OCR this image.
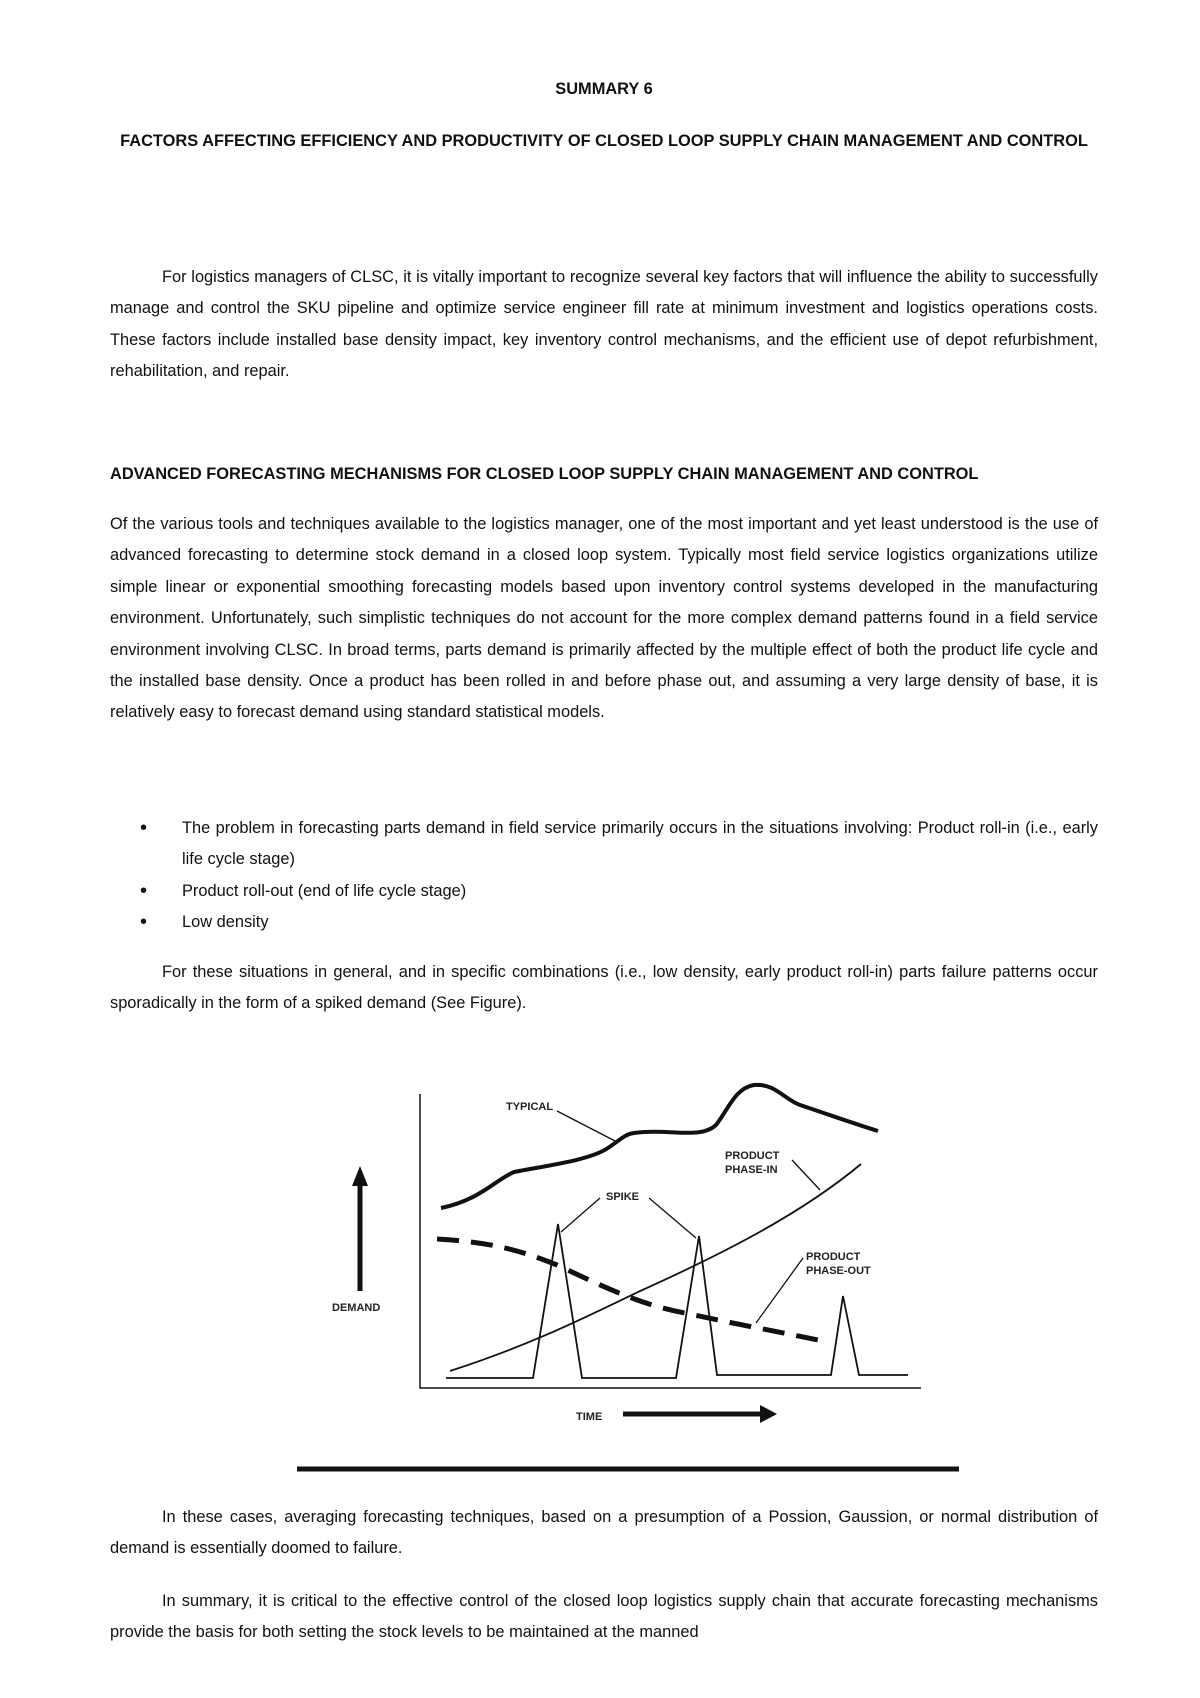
SUMMARY 6
FACTORS AFFECTING EFFICIENCY AND PRODUCTIVITY OF CLOSED LOOP SUPPLY CHAIN MANAGEMENT AND CONTROL
For logistics managers of CLSC, it is vitally important to recognize several key factors that will influence the ability to successfully manage and control the SKU pipeline and optimize service engineer fill rate at minimum investment and logistics operations costs. These factors include installed base density impact, key inventory control mechanisms, and the efficient use of depot refurbishment, rehabilitation, and repair.
ADVANCED FORECASTING MECHANISMS FOR CLOSED LOOP SUPPLY CHAIN MANAGEMENT AND CONTROL
Of the various tools and techniques available to the logistics manager, one of the most important and yet least understood is the use of advanced forecasting to determine stock demand in a closed loop system. Typically most field service logistics organizations utilize simple linear or exponential smoothing forecasting models based upon inventory control systems developed in the manufacturing environment. Unfortunately, such simplistic techniques do not account for the more complex demand patterns found in a field service environment involving CLSC. In broad terms, parts demand is primarily affected by the multiple effect of both the product life cycle and the installed base density. Once a product has been rolled in and before phase out, and assuming a very large density of base, it is relatively easy to forecast demand using standard statistical models.
• The problem in forecasting parts demand in field service primarily occurs in the situations involving: Product roll-in (i.e., early life cycle stage)
• Product roll-out (end of life cycle stage)
• Low density
For these situations in general, and in specific combinations (i.e., low density, early product roll-in) parts failure patterns occur sporadically in the form of a spiked demand (See Figure).
TYPICAL
SPIKE
PRODUCT
PHASE-IN
PRODUCT
PHASE-OUT
DEMAND
TIME
In these cases, averaging forecasting techniques, based on a presumption of a Possion, Gaussion, or normal distribution of demand is essentially doomed to failure.
In summary, it is critical to the effective control of the closed loop logistics supply chain that accurate forecasting mechanisms provide the basis for both setting the stock levels to be maintained at the manned
